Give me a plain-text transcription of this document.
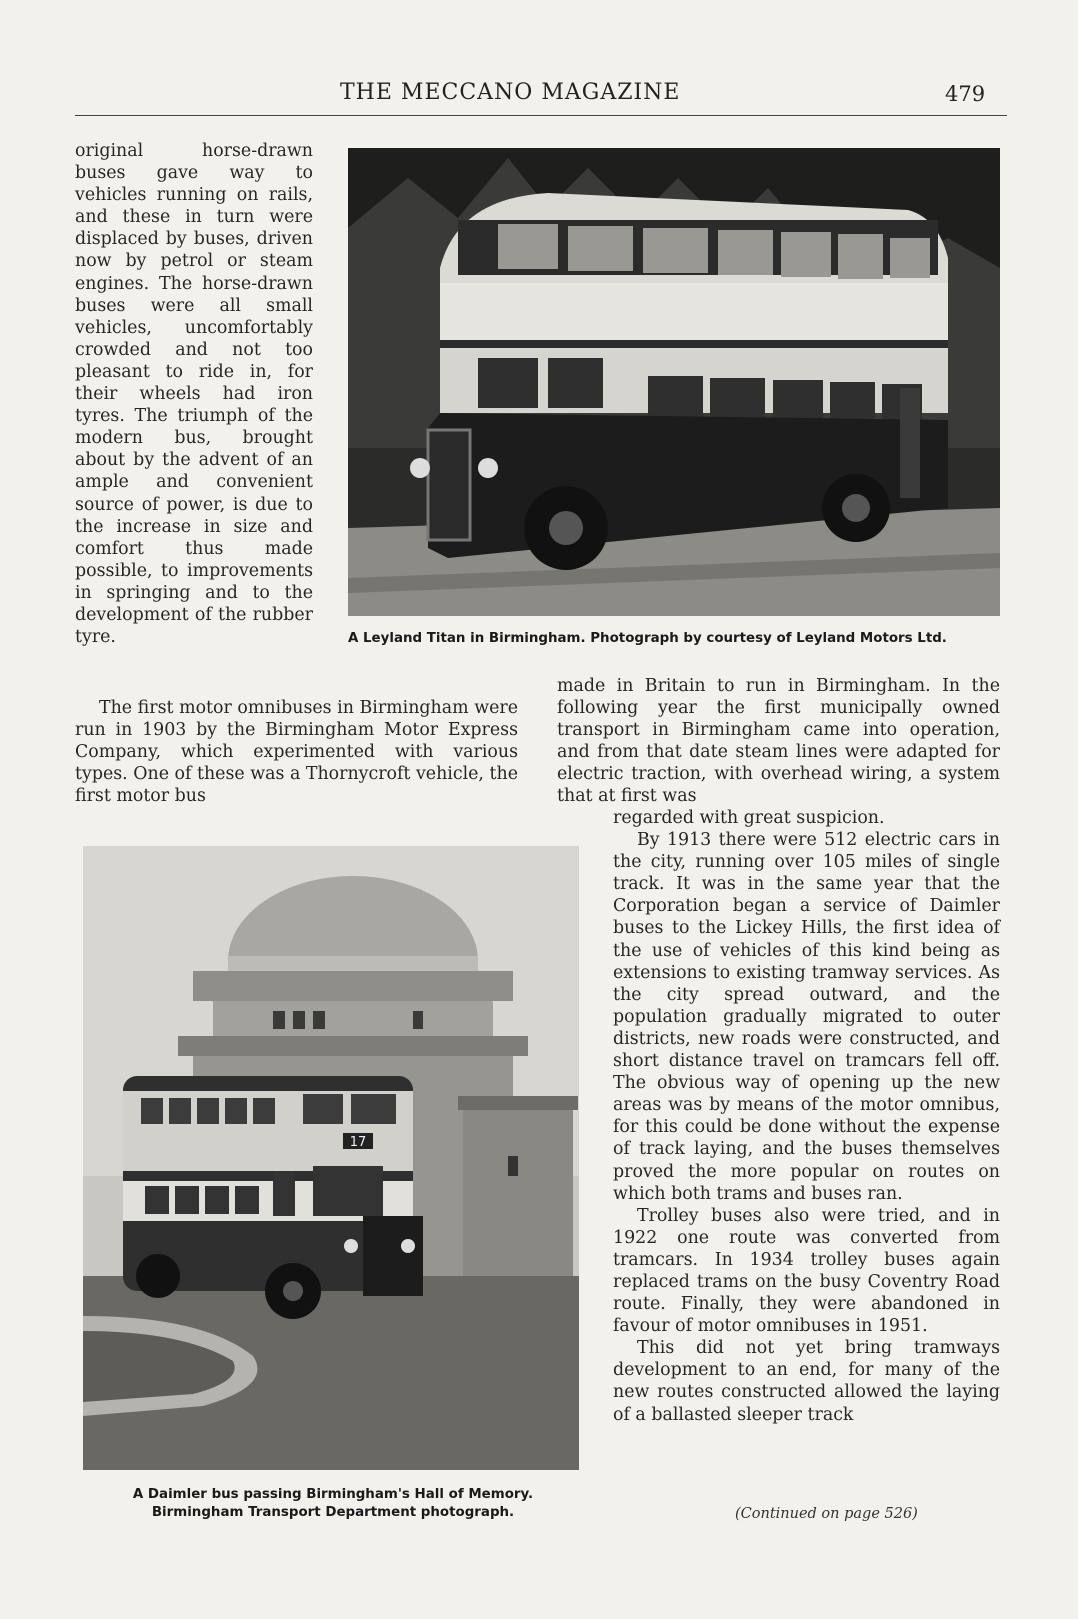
THE MECCANO MAGAZINE	479
A Leyland Titan in Birmingham. Photograph by courtesy of Leyland Motors Ltd.

original horse-drawn buses gave way to vehicles running on rails, and these in turn were displaced by buses, driven now by petrol or steam engines. The horse-drawn buses were all small vehicles, uncomfortably crowded and not too pleasant to ride in, for their wheels had iron tyres. The triumph of the modern bus, brought about by the advent of an ample and convenient source of power, is due to the increase in size and comfort thus made possible, to improvements in springing and to the development of the rubber tyre.

The first motor omnibuses in Birmingham were run in 1903 by the Birmingham Motor Express Company, which experimented with various types. One of these was a Thornycroft vehicle, the first motor bus

made in Britain to run in Birmingham. In the following year the first municipally owned transport in Birmingham came into operation, and from that date steam lines were adapted for electric traction, with overhead wiring, a system that at first was

17
A Daimler bus passing Birmingham's Hall of Memory.
Birmingham Transport Department photograph.

regarded with great suspicion.

By 1913 there were 512 electric cars in the city, running over 105 miles of single track. It was in the same year that the Corporation began a service of Daimler buses to the Lickey Hills, the first idea of the use of vehicles of this kind being as extensions to existing tramway services. As the city spread outward, and the population gradually migrated to outer districts, new roads were constructed, and short distance travel on tramcars fell off. The obvious way of opening up the new areas was by means of the motor omnibus, for this could be done without the expense of track laying, and the buses themselves proved the more popular on routes on which both trams and buses ran.

Trolley buses also were tried, and in 1922 one route was converted from tramcars. In 1934 trolley buses again replaced trams on the busy Coventry Road route. Finally, they were abandoned in favour of motor omnibuses in 1951.

This did not yet bring tramways development to an end, for many of the new routes constructed allowed the laying of a ballasted sleeper track

(Continued on page 526)
